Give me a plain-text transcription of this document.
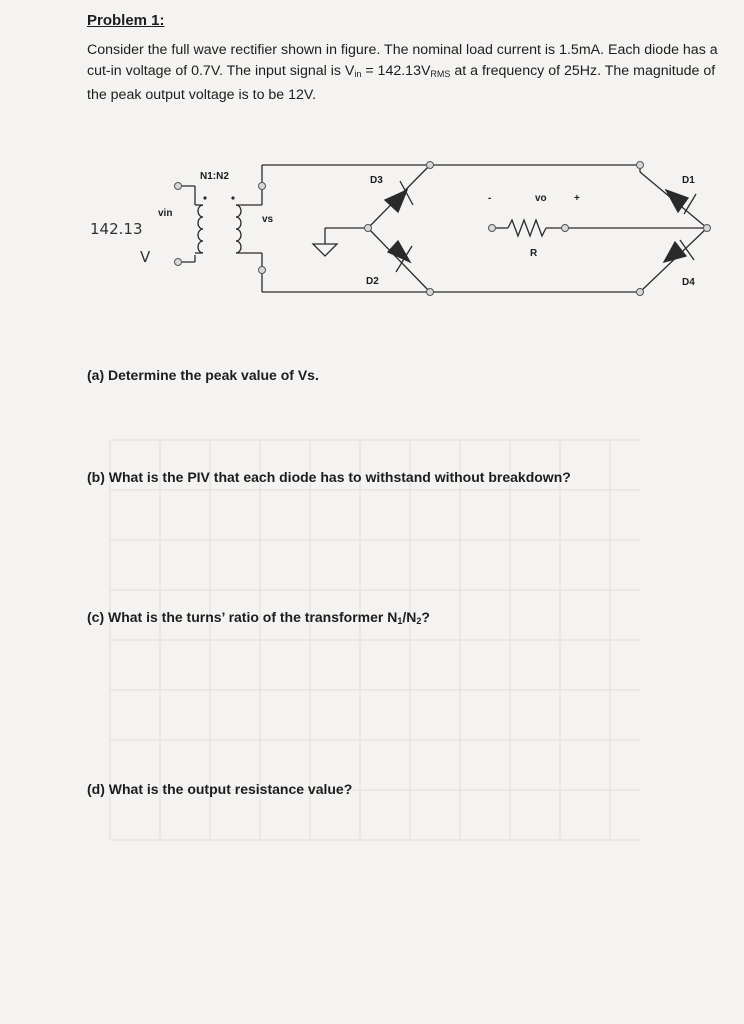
Problem 1:
Consider the full wave rectifier shown in figure. The nominal load current is 1.5mA. Each diode has a cut-in voltage of 0.7V. The input signal is $V_{in} = 142.13V_{RMS}$ at a frequency of 25Hz. The magnitude of the peak output voltage is to be 12V.
N1:N2
vin
vs
D3	D1
D2	D4
-	vo	+
R
142.13
V
(a) Determine the peak value of Vs.
(b) What is the PIV that each diode has to withstand without breakdown?
(c) What is the turns’ ratio of the transformer $N_1/N_2$?
(d) What is the output resistance value?
